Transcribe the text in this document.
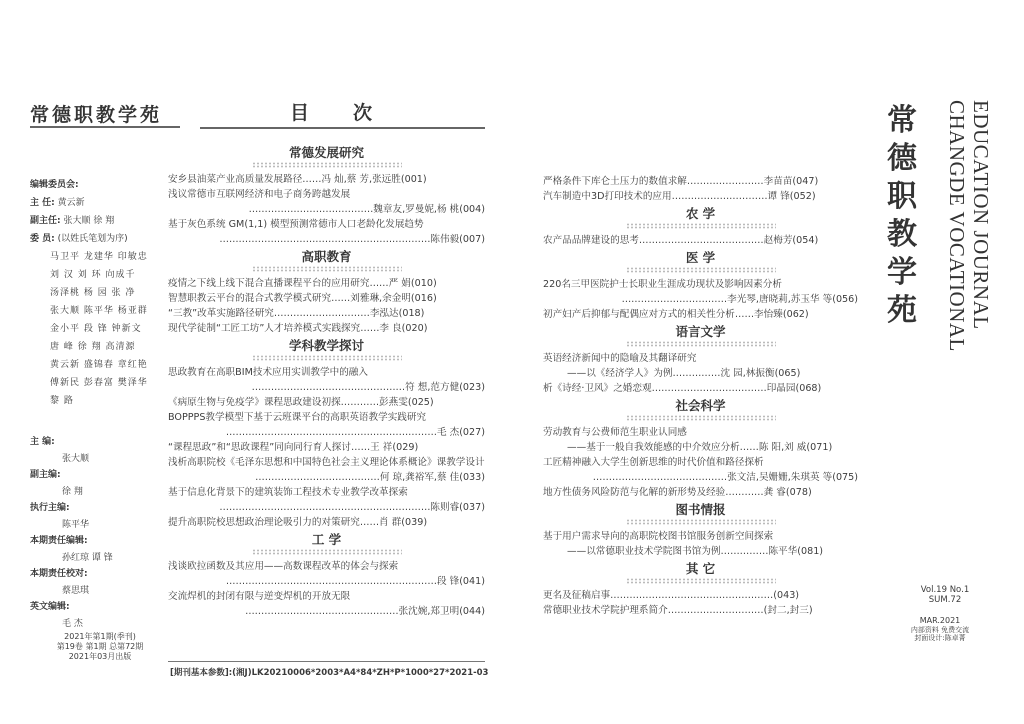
常德职教学苑	目 次
编辑委员会:
主 任: 黄云新
副主任: 张大顺 徐 翔
委 员: (以姓氏笔划为序)
马卫平 龙建华 印敏忠
刘 汉 刘 环 向成千
汤泽桃 杨 园 张 净
张大顺 陈平华 杨亚群
金小平 段 锋 钟新文
唐 峰 徐 翔 高清源
黄云新 盛锦春 章红艳
傅新民 彭春富 樊泽华
黎 路
主 编:
张大顺
副主编:
徐 翔
执行主编:
陈平华
本期责任编辑:
孙红琼 谭 锋
本期责任校对:
蔡思琪
英文编辑:
毛 杰
2021年第1期(季刊)
第19卷 第1期 总第72期
2021年03月出版
常德发展研究
安乡县油菜产业高质量发展路径……冯 灿,蔡 芳,张远胜(001)
浅议常德市互联网经济和电子商务跨越发展
…………………………………魏章友,罗曼妮,杨 桃(004)
基于灰色系统 GM(1,1) 模型预测常德市人口老龄化发展趋势
…………………………………………………………陈伟毅(007)
高职教育
疫情之下线上线下混合直播课程平台的应用研究……严 娟(010)
智慧职教云平台的混合式教学模式研究……刘雅琳,余金明(016)
“三教”改革实施路径研究…………………………李泓达(018)
现代学徒制“工匠工坊”人才培养模式实践探究……李 良(020)
学科教学探讨
思政教育在高职BIM技术应用实训教学中的融入
…………………………………………符 想,范方健(023)
《病原生物与免疫学》课程思政建设初探…………彭燕雯(025)
BOPPPS教学模型下基于云班课平台的高职英语教学实践研究
…………………………………………………………毛 杰(027)
“课程思政”和“思政课程”同向同行育人探讨……王 祥(029)
浅析高职院校《毛泽东思想和中国特色社会主义理论体系概论》课教学设计
…………………………………何 琼,龚裕军,蔡 佳(033)
基于信息化背景下的建筑装饰工程技术专业教学改革探索
…………………………………………………………陈则睿(037)
提升高职院校思想政治理论吸引力的对策研究……肖 群(039)
工 学
浅谈欧拉函数及其应用——高数课程改革的体会与探索
…………………………………………………………段 锋(041)
交流焊机的封闭有限与逆变焊机的开放无限
…………………………………………张沈婉,郑卫明(044)
严格条件下库仑土压力的数值求解……………………李苗苗(047)
汽车制造中3D打印技术的应用…………………………谭 锋(052)
农 学
农产品品牌建设的思考…………………………………赵梅芳(054)
医 学
220名三甲医院护士长职业生涯成功现状及影响因素分析
……………………………李光琴,唐晓莉,苏玉华 等(056)
初产妇产后抑郁与配偶应对方式的相关性分析……李怡臻(062)
语言文学
英语经济新闻中的隐喻及其翻译研究
——以《经济学人》为例……………沈 园,林振衡(065)
析《诗经·卫风》之婚恋观………………………………印晶园(068)
社会科学
劳动教育与公费师范生职业认同感
——基于一般自我效能感的中介效应分析……陈 阳,刘 威(071)
工匠精神融入大学生创新思维的时代价值和路径探析
……………………………………张文洁,吴姗姗,朱琪英 等(075)
地方性债务风险防范与化解的新形势及经验…………龚 睿(078)
图书情报
基于用户需求导向的高职院校图书馆服务创新空间探索
——以常德职业技术学院图书馆为例……………陈平华(081)
其 它
更名及征稿启事……………………………………………(043)
常德职业技术学院护理系简介…………………………(封二,封三)
[期刊基本参数]:(湘J)LK20210006*2003*A4*84*ZH*P*1000*27*2021-03
常
德
职
教
学
苑 CHANGDE VOCATIONAL EDUCATION JOURNAL
Vol.19 No.1
SUM.72
MAR.2021
内部资料 免费交流
封面设计:陈卓菁
